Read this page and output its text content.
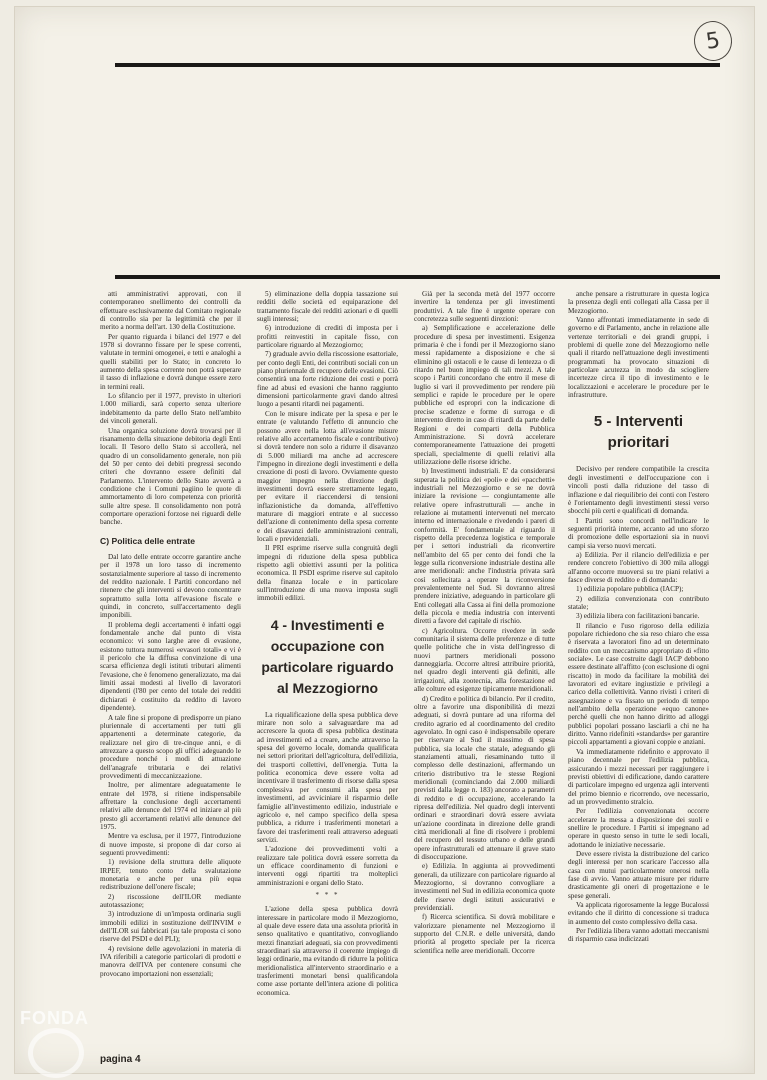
5

atti amministrativi approvati, con il contemporaneo snellimento dei controlli da effettuare esclusivamente dal Comitato regionale di controllo sia per la legittimità che per il merito a norma dell'art. 130 della Costituzione.

Per quanto riguarda i bilanci del 1977 e del 1978 si dovranno fissare per le spese correnti, valutate in termini omogenei, e tetti e analoghi a quelli stabiliti per lo Stato; in concreto lo aumento della spesa corrente non potrà superare il tasso di inflazione e dovrà dunque essere zero in termini reali.

Lo sfilancio per il 1977, previsto in ulteriori 1.000 miliardi, sarà coperto senza ulteriore indebitamento da parte dello Stato nell'ambito dei vincoli generali.

Una organica soluzione dovrà trovarsi per il risanamento della situazione debitoria degli Enti locali. Il Tesoro dello Stato si accollerà, nel quadro di un consolidamento generale, non più del 50 per cento dei debiti pregressi secondo criteri che dovranno essere definiti dal Parlamento. L'intervento dello Stato avverrà a condizione che i Comuni pagiino le quote di ammortamento di loro competenza con priorità sulle altre spese. Il consolidamento non potrà comportare operazioni forzose nei riguardi delle banche.

C) Politica delle entrate

Dal lato delle entrate occorre garantire anche per il 1978 un loro tasso di incremento sostanzialmente superiore al tasso di incremento del reddito nazionale. I Partiti concordano nel ritenere che gli interventi si devono concentrare soprattutto sulla lotta all'evasione fiscale e quindi, in concreto, sull'accertamento degli imponibili.

Il problema degli accertamenti è infatti oggi fondamentale anche dal punto di vista economico: vi sono larghe aree di evasione, esistono tuttora numerosi «evasori totali» e vi è il pericolo che la diffusa convinzione di una scarsa efficienza degli istituti tributari alimenti l'evasione, che è fenomeno generalizzato, ma dai limiti assai modesti al livello di lavoratori dipendenti (l'80 per cento del totale dei redditi dichiarati è costituito da reddito di lavoro dipendente).

A tale fine si propone di predisporre un piano pluriennale di accertamenti per tutti gli appartenenti a determinate categorie, da realizzare nel giro di tre-cinque anni, e di attrezzare a questo scopo gli uffici adeguando le procedure nonché i modi di attuazione dell'anagrafe tributaria e dei relativi provvedimenti di meccanizzazione.

Inoltre, per alimentare adeguatamente le entrate del 1978, si ritiene indispensabile affrettare la conclusione degli accertamenti relativi alle denunce del 1974 ed iniziare al più presto gli accertamenti relativi alle denunce del 1975.

Mentre va esclusa, per il 1977, l'introduzione di nuove imposte, si propone di dar corso ai seguenti provvedimenti:

1) revisione della struttura delle aliquote IRPEF, tenuto conto della svalutazione monetaria e anche per una più equa redistribuzione dell'onere fiscale;

2) riscossione dell'ILOR mediante autotassazione;

3) introduzione di un'imposta ordinaria sugli immobili edilizi in sostituzione dell'INVIM e dell'ILOR sui fabbricati (su tale proposta ci sono riserve del PSDI e del PLI);

4) revisione delle agevolazioni in materia di IVA riferibili a categorie particolari di prodotti e manovra dell'IVA per contenere consumi che provocano importazioni non essenziali;

5) eliminazione della doppia tassazione sui redditi delle società ed equiparazione del trattamento fiscale dei redditi azionari e di quelli sugli interessi;

6) introduzione di crediti di imposta per i profitti reinvestiti in capitale fisso, con particolare riguardo al Mezzogiorno;

7) graduale avvio della riscossione esattoriale, per conto degli Enti, dei contributi sociali con un piano pluriennale di recupero delle evasioni. Ciò consentirà una forte riduzione dei costi e porrà fine ad abusi ed evasioni che hanno raggiunto dimensioni particolarmente gravi dando altresì luogo a pesanti ritardi nei pagamenti.

Con le misure indicate per la spesa e per le entrate (e valutando l'effetto di annuncio che possono avere nella lotta all'evasione misure relative allo accertamento fiscale e contributivo) si dovrà tendere non solo a ridurre il disavanzo di 5.000 miliardi ma anche ad accrescere l'impegno in direzione degli investimenti e della creazione di posti di lavoro. Ovviamente questo maggior impegno nella direzione degli investimenti dovrà essere strettamente legato, per evitare il riaccendersi di tensioni inflazionistiche da domanda, all'effettivo maturare di maggiori entrate e al successo dell'azione di contenimento della spesa corrente e dei disavanzi delle amministrazioni centrali, locali e previdenziali.

Il PRI esprime riserve sulla congruità degli impegni di riduzione della spesa pubblica rispetto agli obiettivi assunti per la politica economica. Il PSDI esprime riserve sul capitolo della finanza locale e in particolare sull'introduzione di una nuova imposta sugli immobili edilizi.

4 - Investimenti e occupazione con particolare riguardo al Mezzogiorno

La riqualificazione della spesa pubblica deve mirare non solo a salvaguardare ma ad accrescere la quota di spesa pubblica destinata ad investimenti ed a creare, anche attraverso la spesa del governo locale, domanda qualificata nei settori prioritari dell'agricoltura, dell'edilizia, dei trasporti collettivi, dell'energia. Tutta la politica economica deve essere volta ad incentivare il trasferimento di risorse dalla spesa complessiva per consumi alla spesa per investimenti, ad avviciniare il risparmio delle famiglie all'investimento edilizio, industriale e agricolo e, nel campo specifico della spesa pubblica, a ridurre i trasferimenti monetari a favore dei trasferimenti reali attraverso adeguati servizi.

L'adozione dei provvedimenti volti a realizzare tale politica dovrà essere sorretta da un efficace coordinamento di funzioni e interventi oggi ripartiti tra molteplici amministrazioni e organi dello Stato.

* * *

L'azione della spesa pubblica dovrà interessare in particolare modo il Mezzogiorno, al quale deve essere data una assoluta priorità in senso qualitativo e quantitativo, convogliando mezzi finanziari adeguati, sia con provvedimenti straordinari sia attraverso il coerente impiego di leggi ordinarie, ma evitando di ridurre la politica meridionalistica all'intervento straordinario e a trasferimenti monetari bensì qualificandola come asse portante dell'intera azione di politica economica.

Già per la seconda metà del 1977 occorre invertire la tendenza per gli investimenti produttivi. A tale fine è urgente operare con concretezza sulle seguenti direzioni:

a) Semplificazione e accelerazione delle procedure di spesa per investimenti. Esigenza primaria è che i fondi per il Mezzogiorno siano messi rapidamente a disposizione e che si eliminino gli ostacoli e le cause di lentezza o di ritardo nel buon impiego di tali mezzi. A tale scopo i Partiti concordano che entro il mese di luglio si vari il provvedimento per rendere più semplici e rapide le procedure per le opere pubbliche ed espropri con la indicazione di precise scadenze e forme di surroga e di intervento diretto in caso di ritardi da parte delle Regioni e dei comparti della Pubblica Amministrazione. Si dovrà accelerare contemporaneamente l'attuazione dei progetti speciali, specialmente di quelli relativi alla utilizzazione delle risorse idriche.

b) Investimenti industriali. E' da considerarsi superata la politica dei «poli» e dei «pacchetti» industriali nel Mezzogiorno e se ne dovrà iniziare la revisione — congiuntamente alle relative opere infrastrutturali — anche in relazione ai mutamenti intervenuti nel mercato interno ed internazionale e rivedendo i pareri di conformità. E' fondamentale al riguardo il rispetto della precedenza logistica e temporale per i settori industriali da riconvertire nell'ambito del 65 per cento dei fondi che la legge sulla riconversione industriale destina alle aree meridionali: anche l'industria privata sarà così sollecitata a operare la riconversione prevalentemente nel Sud. Si dovranno altresì prendere iniziative, adeguando in particolare gli Enti collegati alla Cassa ai fini della promozione della piccola e media industria con interventi diretti a favore del capitale di rischio.

c) Agricoltura. Occorre rivedere in sede comunitaria il sistema delle preferenze e di tutte quelle politiche che in vista dell'ingresso di nuovi partners meridionali possono danneggiarla. Occorre altresì attribuire priorità, nel quadro degli interventi già definiti, alle irrigazioni, alla zootecnia, alla forestazione ed alle colture ed esigenze tipicamente meridionali.

d) Credito e politica di bilancio. Per il credito, oltre a favorire una disponibilità di mezzi adeguati, si dovrà puntare ad una riforma del credito agrario ed al coordinamento del credito agevolato. In ogni caso è indispensabile operare per riservare al Sud il massimo di spesa pubblica, sia locale che statale, adeguando gli stanziamenti attuali, riesaminando tutto il complesso delle destinazioni, affermando un criterio distributivo tra le stesse Regioni meridionali (cominciando dai 2.000 miliardi previsti dalla legge n. 183) ancorato a parametri di reddito e di occupazione, accelerando la ripresa dell'edilizia. Nel quadro degli interventi ordinari e straordinari dovrà essere avviata un'azione coordinata in direzione delle grandi città meridionali al fine di risolvere i problemi del recupero del tessuto urbano e delle grandi opere infrastrutturali ed attenuare il grave stato di disoccupazione.

e) Edilizia. In aggiunta ai provvedimenti generali, da utilizzare con particolare riguardo al Mezzogiorno, si dovranno convogliare a investimenti nel Sud in edilizia economica quote delle riserve degli istituti assicurativi e previdenziali.

f) Ricerca scientifica. Si dovrà mobilitare e valorizzare pienamente nel Mezzogiorno il supporto del C.N.R. e delle università, dando priorità al progetto speciale per la ricerca scientifica nelle aree meridionali. Occorre

anche pensare a ristrutturare in questa logica la presenza degli enti collegati alla Cassa per il Mezzogiorno.

Vanno affrontati immediatamente in sede di governo e di Parlamento, anche in relazione alle vertenze territoriali e dei grandi gruppi, i problemi di quelle zone del Mezzogiorno nelle quali il ritardo nell'attuazione degli investimenti programmati ha provocato situazioni di particolare acutezza in modo da sciogliere incertezze circa il tipo di investimento e le localizzazioni e accelerare le procedure per le infrastrutture.

5 - Interventi prioritari

Decisivo per rendere compatibile la crescita degli investimenti e dell'occupazione con i vincoli posti dalla riduzione del tasso di inflazione e dal riequilibrio dei conti con l'estero è l'orientamento degli investimenti stessi verso sbocchi più certi e qualificati di domanda.

I Partiti sono concordi nell'indicare le seguenti priorità interne, accanto ad uno sforzo di promozione delle esportazioni sia in nuovi campi sia verso nuovi mercati.

a) Edilizia. Per il rilancio dell'edilizia e per rendere concreto l'obiettivo di 300 mila alloggi all'anno occorre muoversi su tre piani relativi a fasce diverse di reddito e di domanda:

1) edilizia popolare pubblica (IACP);

2) edilizia convenzionata con contributo statale;

3) edilizia libera con facilitazioni bancarie.

Il rilancio e l'uso rigoroso della edilizia popolare richiedono che sia reso chiaro che essa è riservata a lavoratori fino ad un determinato reddito con un meccanismo appropriato di «fitto sociale». Le case costruite dagli IACP debbono essere destinate all'affitto (con esclusione di ogni riscatto) in modo da facilitare la mobilità dei lavoratori ed evitare ingiustizie e privilegi a carico della collettività. Vanno rivisti i criteri di assegnazione e va fissato un periodo di tempo nell'ambito della operazione «equo canone» perché quelli che non hanno diritto ad alloggi pubblici popolari possano lasciarli a chi ne ha diritto. Vanno ridefiniti «standards» per garantire piccoli appartamenti a giovani coppie e anziani.

Va immediatamente rideﬁnito e approvato il piano decennale per l'edilizia pubblica, assicurando i mezzi necessari per raggiungere i previsti obiettivi di edificazione, dando carattere di particolare impegno ed urgenza agli interventi del primo biennio e ricorrendo, ove necessario, ad un provvedimento stralcio.

Per l'edilizia convenzionata occorre accelerare la messa a disposizione dei suoli e snellire le procedure. I Partiti si impegnano ad operare in questo senso in tutte le sedi locali, adottando le iniziative necessarie.

Deve essere rivista la distribuzione del carico degli interessi per non scaricare l'accesso alla casa con mutui particolarmente onerosi nella fase di avvio. Vanno attuate misure per ridurre drasticamente gli oneri di progettazione e le spese generali.

Va applicata rigorosamente la legge Bucalossi evitando che il diritto di concessione si traduca in aumento del costo complessivo della casa.

Per l'edilizia libera vanno adottati meccanismi di risparmio casa indicizzati

FONDA
pagina 4
